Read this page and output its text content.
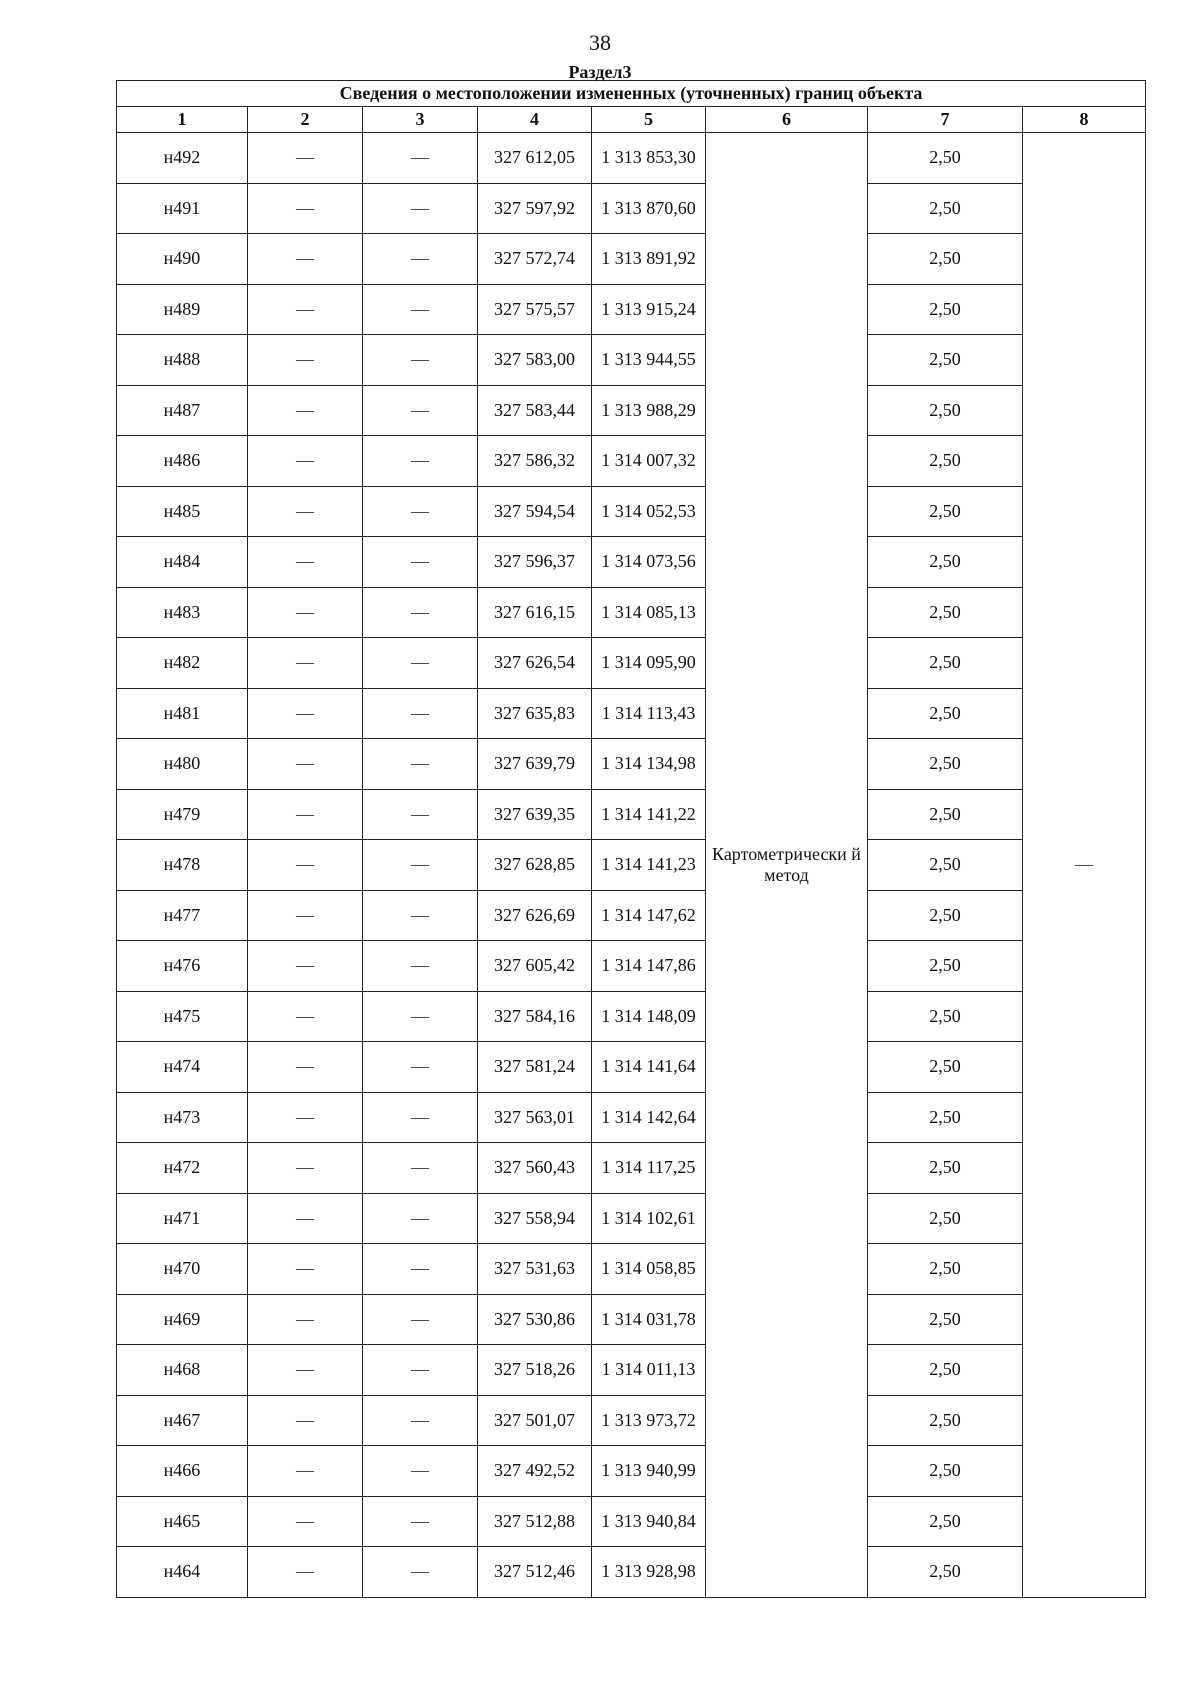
38
Раздел3
Сведения о местоположении измененных (уточненных) границ объекта							
1	2	3	4	5	6	7	8
н492	—	—	327 612,05	1 313 853,30	Картометрически й метод	2,50	—
н491	—	—	327 597,92	1 313 870,60		2,50	
н490	—	—	327 572,74	1 313 891,92		2,50	
н489	—	—	327 575,57	1 313 915,24		2,50	
н488	—	—	327 583,00	1 313 944,55		2,50	
н487	—	—	327 583,44	1 313 988,29		2,50	
н486	—	—	327 586,32	1 314 007,32		2,50	
н485	—	—	327 594,54	1 314 052,53		2,50	
н484	—	—	327 596,37	1 314 073,56		2,50	
н483	—	—	327 616,15	1 314 085,13		2,50	
н482	—	—	327 626,54	1 314 095,90		2,50	
н481	—	—	327 635,83	1 314 113,43		2,50	
н480	—	—	327 639,79	1 314 134,98		2,50	
н479	—	—	327 639,35	1 314 141,22		2,50	
н478	—	—	327 628,85	1 314 141,23		2,50	
н477	—	—	327 626,69	1 314 147,62		2,50	
н476	—	—	327 605,42	1 314 147,86		2,50	
н475	—	—	327 584,16	1 314 148,09		2,50	
н474	—	—	327 581,24	1 314 141,64		2,50	
н473	—	—	327 563,01	1 314 142,64		2,50	
н472	—	—	327 560,43	1 314 117,25		2,50	
н471	—	—	327 558,94	1 314 102,61		2,50	
н470	—	—	327 531,63	1 314 058,85		2,50	
н469	—	—	327 530,86	1 314 031,78		2,50	
н468	—	—	327 518,26	1 314 011,13		2,50	
н467	—	—	327 501,07	1 313 973,72		2,50	
н466	—	—	327 492,52	1 313 940,99		2,50	
н465	—	—	327 512,88	1 313 940,84		2,50	
н464	—	—	327 512,46	1 313 928,98		2,50	
